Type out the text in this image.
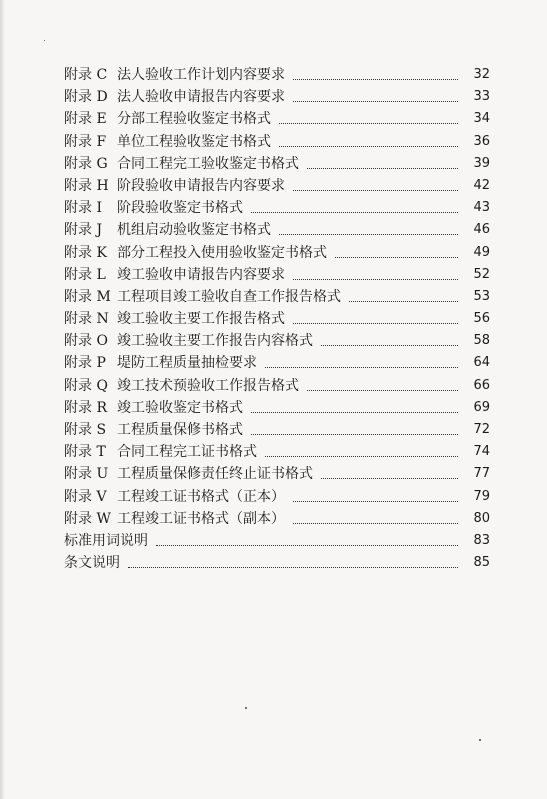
附录 C 法人验收工作计划内容要求	32
附录 D 法人验收申请报告内容要求	33
附录 E 分部工程验收鉴定书格式	34
附录 F 单位工程验收鉴定书格式	36
附录 G 合同工程完工验收鉴定书格式	39
附录 H 阶段验收申请报告内容要求	42
附录 I 阶段验收鉴定书格式	43
附录 J 机组启动验收鉴定书格式	46
附录 K 部分工程投入使用验收鉴定书格式	49
附录 L 竣工验收申请报告内容要求	52
附录 M 工程项目竣工验收自查工作报告格式	53
附录 N 竣工验收主要工作报告格式	56
附录 O 竣工验收主要工作报告内容格式	58
附录 P 堤防工程质量抽检要求	64
附录 Q 竣工技术预验收工作报告格式	66
附录 R 竣工验收鉴定书格式	69
附录 S 工程质量保修书格式	72
附录 T 合同工程完工证书格式	74
附录 U 工程质量保修责任终止证书格式	77
附录 V 工程竣工证书格式（正本）	79
附录 W 工程竣工证书格式（副本）	80
标准用词说明	83
条文说明	85
